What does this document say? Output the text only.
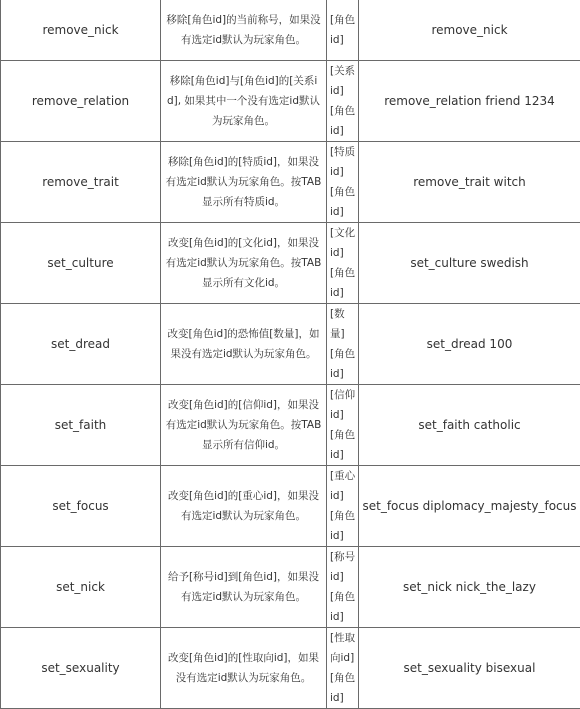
remove_nick	移除[角色id]的当前称号，如果没有选定id默认为玩家角色。	[角色id]	remove_nick
remove_relation	移除[角色id]与[角色id]的[关系id], 如果其中一个没有选定id默认为玩家角色。	[关系id] [角色id]	remove_relation friend 1234
remove_trait	移除[角色id]的[特质id]，如果没有选定id默认为玩家角色。按TAB显示所有特质id。	[特质id] [角色id]	remove_trait witch
set_culture	改变[角色id]的[文化id]，如果没有选定id默认为玩家角色。按TAB显示所有文化id。	[文化id] [角色id]	set_culture swedish
set_dread	改变[角色id]的恐怖值[数量]，如果没有选定id默认为玩家角色。	[数量] [角色id]	set_dread 100
set_faith	改变[角色id]的[信仰id]，如果没有选定id默认为玩家角色。按TAB显示所有信仰id。	[信仰id] [角色id]	set_faith catholic
set_focus	改变[角色id]的[重心id]，如果没有选定id默认为玩家角色。	[重心id] [角色id]	set_focus diplomacy_majesty_focus
set_nick	给予[称号id]到[角色id]，如果没有选定id默认为玩家角色。	[称号id] [角色id]	set_nick nick_the_lazy
set_sexuality	改变[角色id]的[性取向id]，如果没有选定id默认为玩家角色。	[性取向id] [角色id]	set_sexuality bisexual
